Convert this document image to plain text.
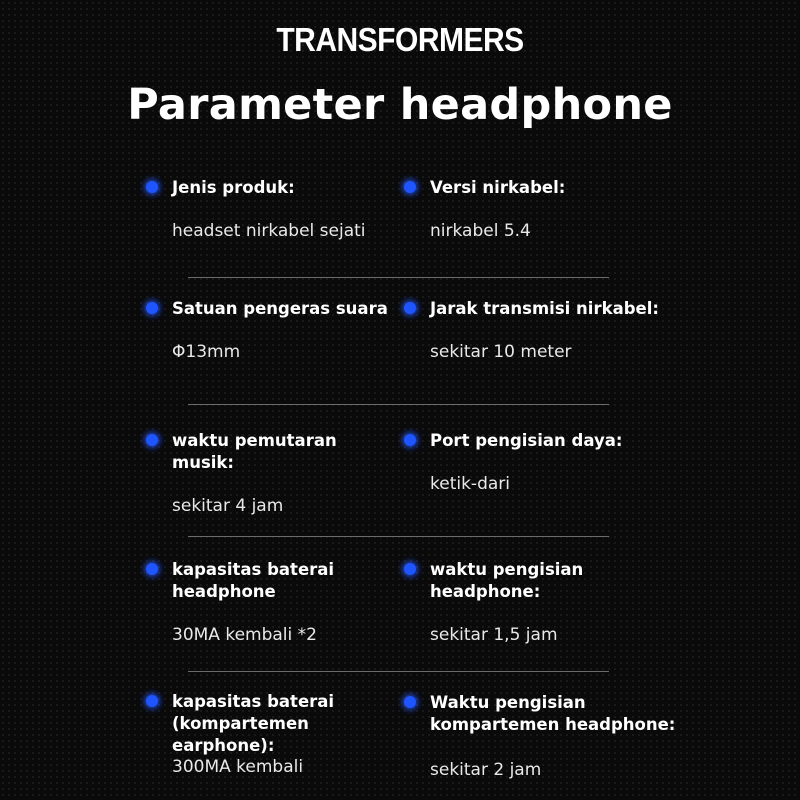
TRANSFORMERS
Parameter headphone
Jenis produk:
headset nirkabel sejati
Versi nirkabel:
nirkabel 5.4
Satuan pengeras suara
Φ13mm
Jarak transmisi nirkabel:
sekitar 10 meter
waktu pemutaran musik:
sekitar 4 jam
Port pengisian daya:
ketik-dari
kapasitas baterai headphone
30MA kembali *2
waktu pengisian headphone:
sekitar 1,5 jam
kapasitas baterai (kompartemen earphone):
300MA kembali
Waktu pengisian kompartemen headphone:
sekitar 2 jam
